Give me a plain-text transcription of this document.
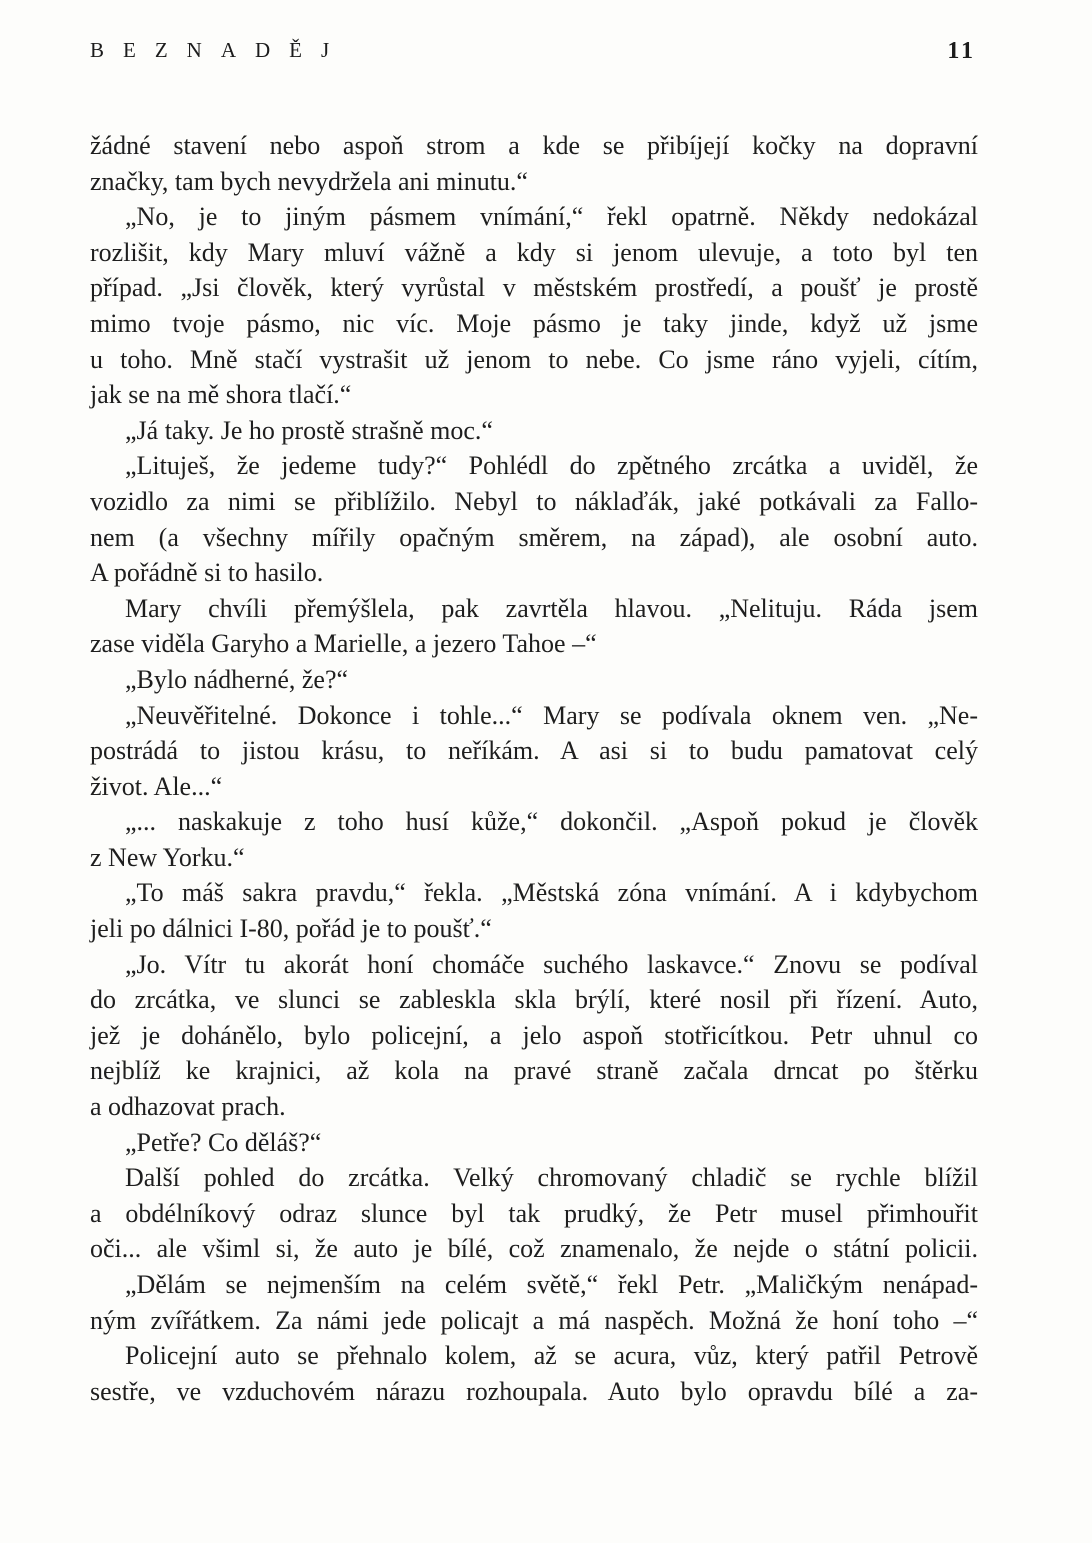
BEZNADĚJ	11
žádné stavení nebo aspoň strom a kde se přibíjejí kočky na dopravní
značky, tam bych nevydržela ani minutu.“
„No, je to jiným pásmem vnímání,“ řekl opatrně. Někdy nedokázal
rozlišit, kdy Mary mluví vážně a kdy si jenom ulevuje, a toto byl ten
případ. „Jsi člověk, který vyrůstal v městském prostředí, a poušť je prostě
mimo tvoje pásmo, nic víc. Moje pásmo je taky jinde, když už jsme
u toho. Mně stačí vystrašit už jenom to nebe. Co jsme ráno vyjeli, cítím,
jak se na mě shora tlačí.“
„Já taky. Je ho prostě strašně moc.“
„Lituješ, že jedeme tudy?“ Pohlédl do zpětného zrcátka a uviděl, že
vozidlo za nimi se přiblížilo. Nebyl to náklaďák, jaké potkávali za Fallo-
nem (a všechny mířily opačným směrem, na západ), ale osobní auto.
A pořádně si to hasilo.
Mary chvíli přemýšlela, pak zavrtěla hlavou. „Nelituju. Ráda jsem
zase viděla Garyho a Marielle, a jezero Tahoe –“
„Bylo nádherné, že?“
„Neuvěřitelné. Dokonce i tohle...“ Mary se podívala oknem ven. „Ne-
postrádá to jistou krásu, to neříkám. A asi si to budu pamatovat celý
život. Ale...“
„... naskakuje z toho husí kůže,“ dokončil. „Aspoň pokud je člověk
z New Yorku.“
„To máš sakra pravdu,“ řekla. „Městská zóna vnímání. A i kdybychom
jeli po dálnici I-80, pořád je to poušť.“
„Jo. Vítr tu akorát honí chomáče suchého laskavce.“ Znovu se podíval
do zrcátka, ve slunci se zableskla skla brýlí, které nosil při řízení. Auto,
jež je dohánělo, bylo policejní, a jelo aspoň stotřicítkou. Petr uhnul co
nejblíž ke krajnici, až kola na pravé straně začala drncat po štěrku
a odhazovat prach.
„Petře? Co děláš?“
Další pohled do zrcátka. Velký chromovaný chladič se rychle blížil
a obdélníkový odraz slunce byl tak prudký, že Petr musel přimhouřit
oči... ale všiml si, že auto je bílé, což znamenalo, že nejde o státní policii.
„Dělám se nejmenším na celém světě,“ řekl Petr. „Maličkým nenápad-
ným zvířátkem. Za námi jede policajt a má naspěch. Možná že honí toho –“
Policejní auto se přehnalo kolem, až se acura, vůz, který patřil Petrově
sestře, ve vzduchovém nárazu rozhoupala. Auto bylo opravdu bílé a za-
